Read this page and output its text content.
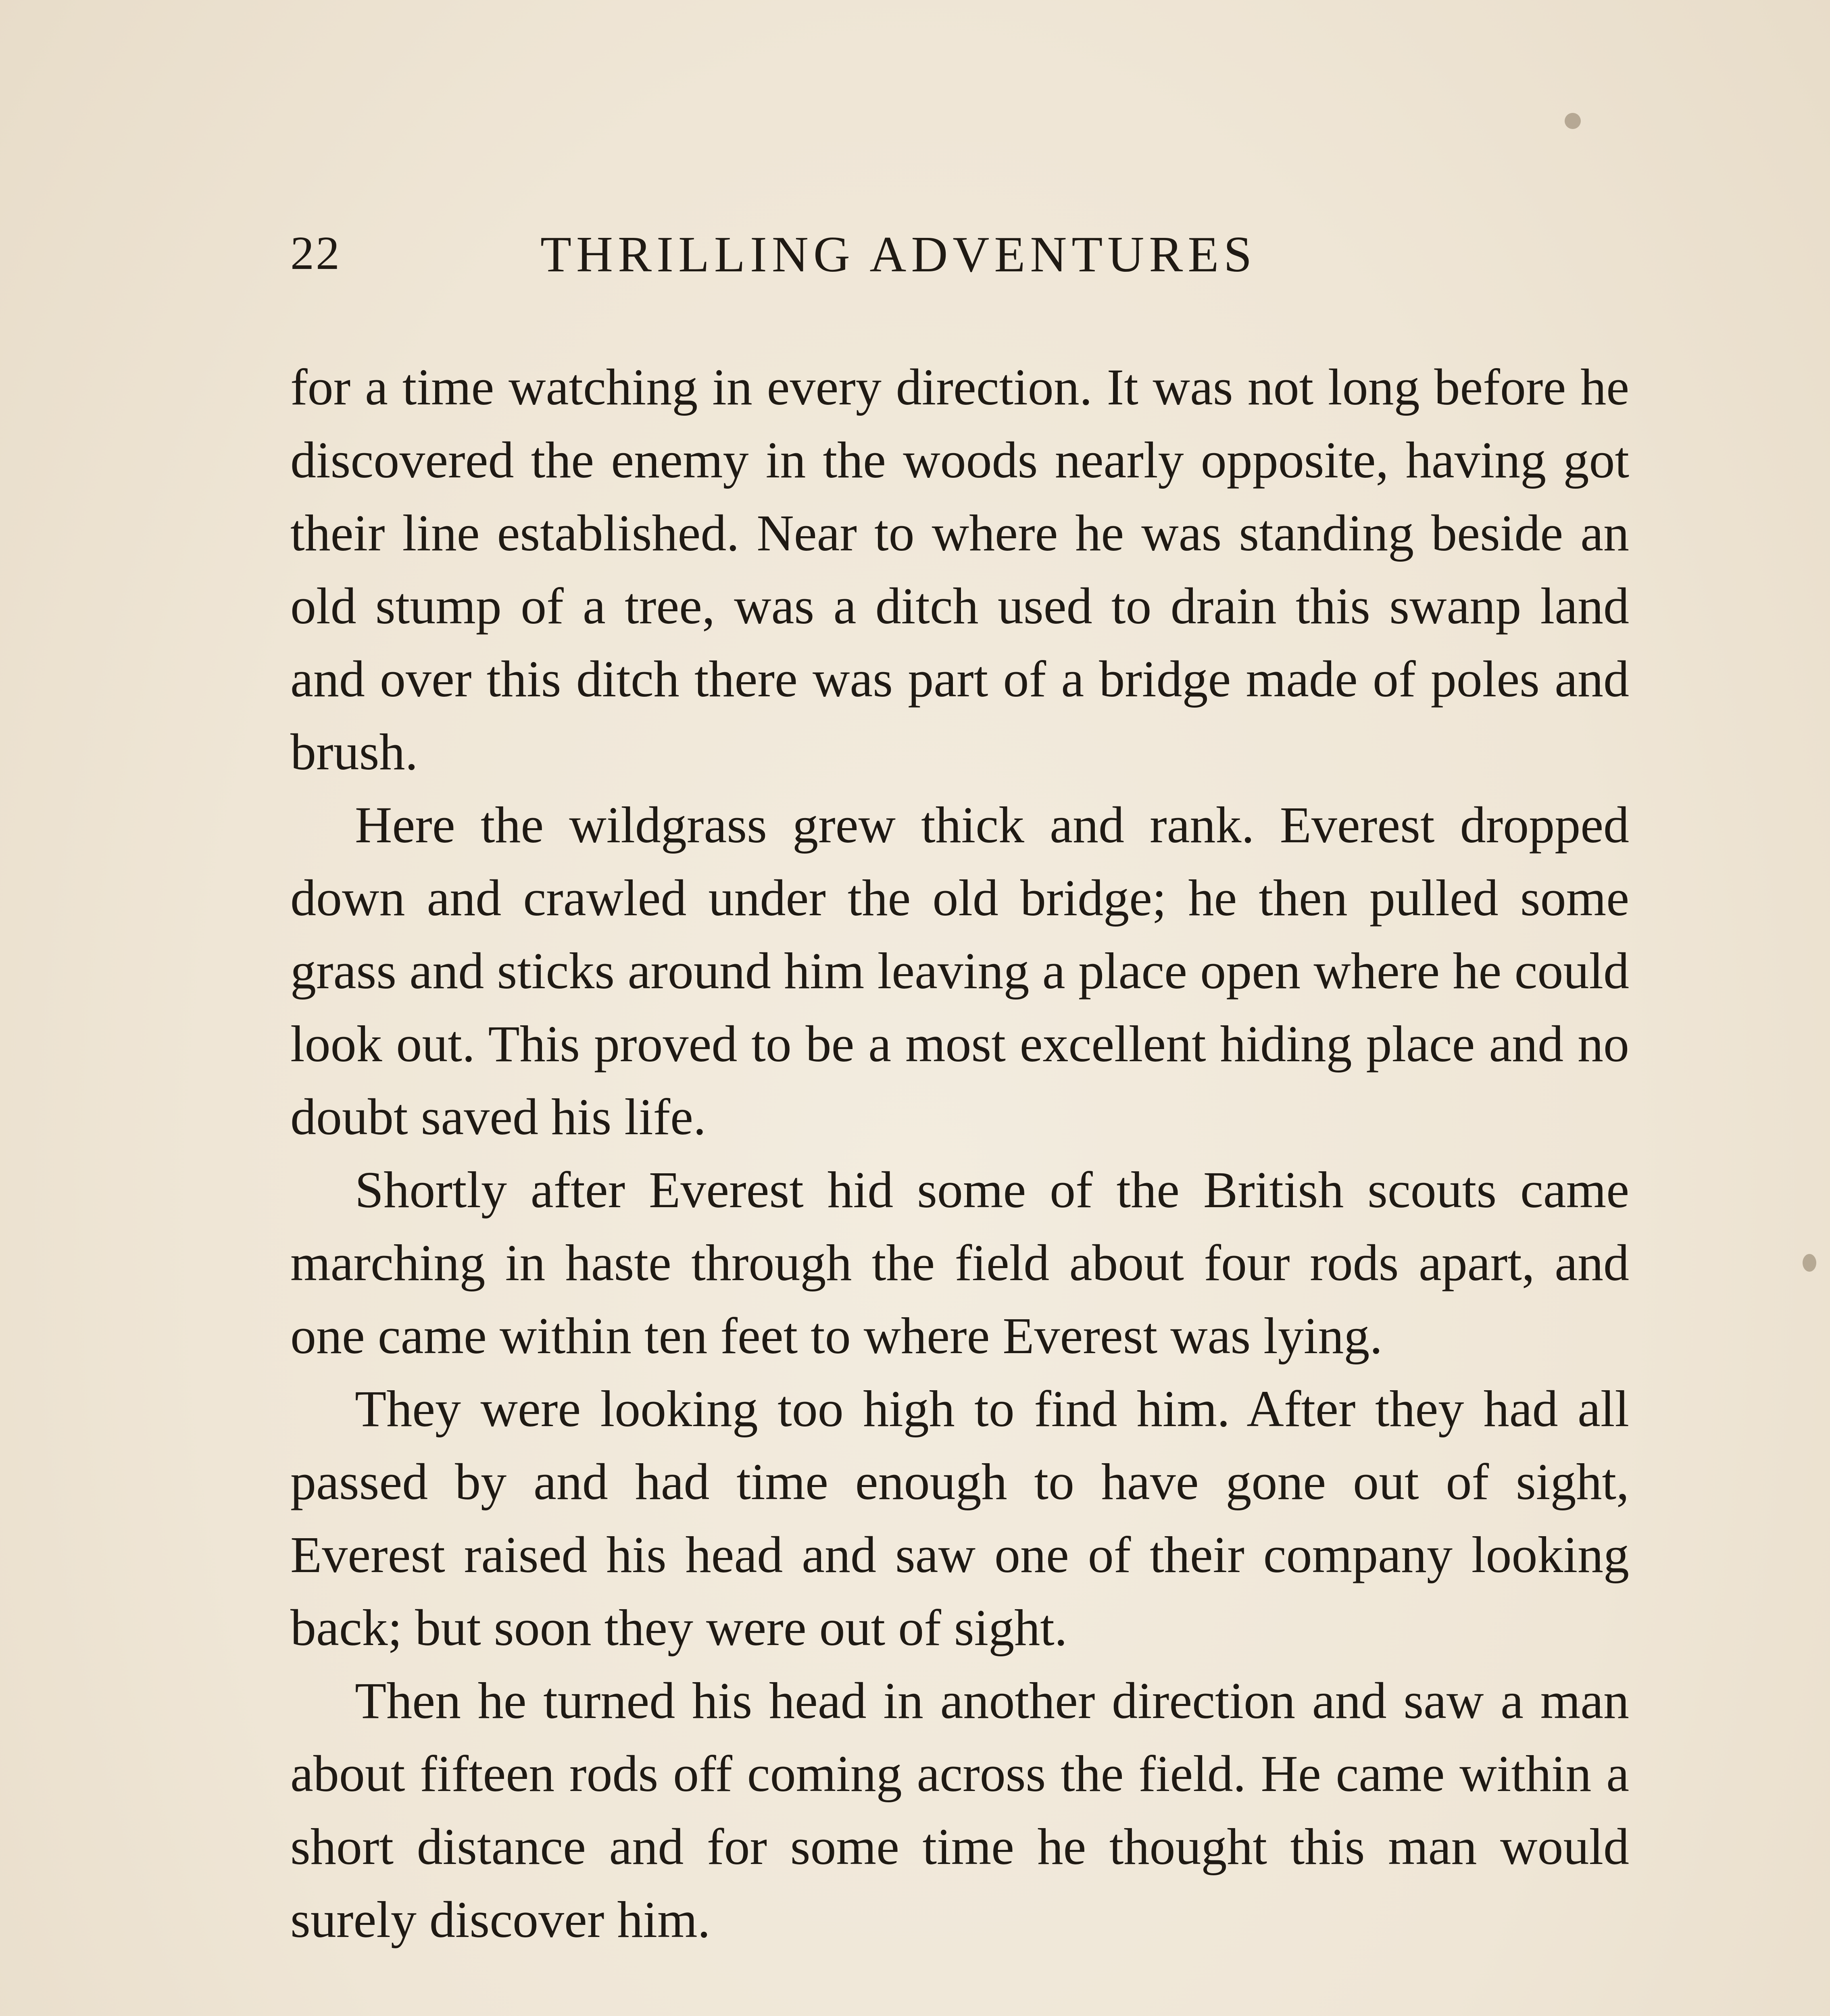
22	THRILLING ADVENTURES

for a time watching in every direction. It was not long before he discovered the enemy in the woods nearly opposite, having got their line established. Near to where he was standing beside an old stump of a tree, was a ditch used to drain this swanp land and over this ditch there was part of a bridge made of poles and brush.

Here the wildgrass grew thick and rank. Everest dropped down and crawled under the old bridge; he then pulled some grass and sticks around him leaving a place open where he could look out. This proved to be a most excellent hiding place and no doubt saved his life.

Shortly after Everest hid some of the British scouts came marching in haste through the field about four rods apart, and one came within ten feet to where Everest was lying.

They were looking too high to find him. After they had all passed by and had time enough to have gone out of sight, Everest raised his head and saw one of their company looking back; but soon they were out of sight.

Then he turned his head in another direction and saw a man about fifteen rods off coming across the field. He came within a short distance and for some time he thought this man would surely discover him.
